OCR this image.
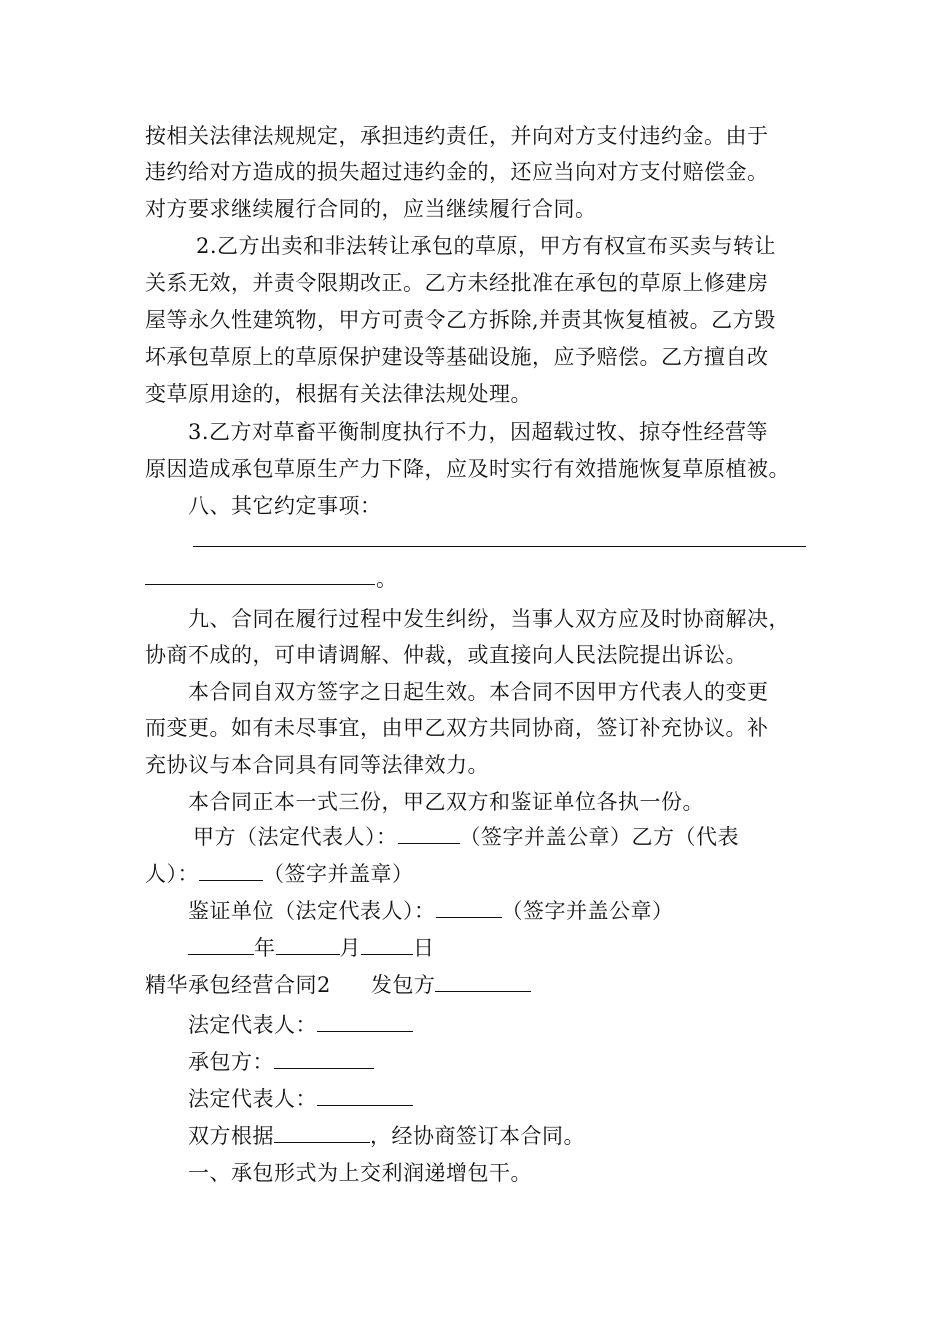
按相关法律法规规定，承担违约责任，并向对方支付违约金。由于
违约给对方造成的损失超过违约金的，还应当向对方支付赔偿金。
对方要求继续履行合同的，应当继续履行合同。
2.乙方出卖和非法转让承包的草原，甲方有权宣布买卖与转让
关系无效，并责令限期改正。乙方未经批准在承包的草原上修建房
屋等永久性建筑物，甲方可责令乙方拆除,并责其恢复植被。乙方毁
坏承包草原上的草原保护建设等基础设施，应予赔偿。乙方擅自改
变草原用途的，根据有关法律法规处理。
3.乙方对草畜平衡制度执行不力，因超载过牧、掠夺性经营等
原因造成承包草原生产力下降，应及时实行有效措施恢复草原植被。
八、其它约定事项：
。
九、合同在履行过程中发生纠纷，当事人双方应及时协商解决，
协商不成的，可申请调解、仲裁，或直接向人民法院提出诉讼。
本合同自双方签字之日起生效。本合同不因甲方代表人的变更
而变更。如有未尽事宜，由甲乙双方共同协商，签订补充协议。补
充协议与本合同具有同等法律效力。
本合同正本一式三份，甲乙双方和鉴证单位各执一份。
甲方（法定代表人）：	（签字并盖公章）乙方（代表
人）：	（签字并盖章）
鉴证单位（法定代表人）：	（签字并盖公章）
年	月 日
精华承包经营合同2 发包方
法定代表人：
承包方：
法定代表人：
双方根据	，经协商签订本合同。
一、承包形式为上交利润递增包干。
